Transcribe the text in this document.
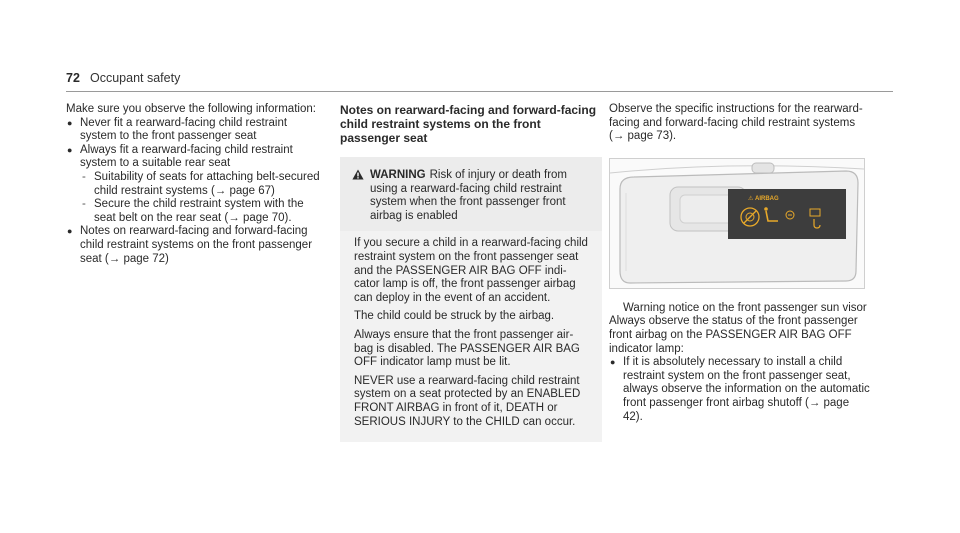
72 Occupant safety

Make sure you observe the following information:

● Never fit a rearward-facing child restraint system to the front passenger seat
● Always fit a rearward-facing child restraint system to a suitable rear seat
- Suitability of seats for attaching belt-secured child restraint systems (→ page 67)
- Secure the child restraint system with the seat belt on the rear seat (→ page 70).
● Notes on rearward-facing and forward-facing child restraint systems on the front passenger seat (→ page 72)

Notes on rearward-facing and forward-facing child restraint systems on the front passenger seat

WARNING Risk of injury or death from using a rearward-facing child restraint system when the front passenger front airbag is enabled

If you secure a child in a rearward-facing child restraint system on the front passenger seat and the PASSENGER AIR BAG OFF indicator lamp is off, the front passenger airbag can deploy in the event of an accident.

The child could be struck by the airbag.

Always ensure that the front passenger airbag is disabled. The PASSENGER AIR BAG OFF indicator lamp must be lit.

NEVER use a rearward-facing child restraint system on a seat protected by an ENABLED FRONT AIRBAG in front of it, DEATH or SERIOUS INJURY to the CHILD can occur.

Observe the specific instructions for the rearward-facing and forward-facing child restraint systems (→ page 73).

⚠ AIRBAG

Warning notice on the front passenger sun visor

Always observe the status of the front passenger front airbag on the PASSENGER AIR BAG OFF indicator lamp:

● If it is absolutely necessary to install a child restraint system on the front passenger seat, always observe the information on the automatic front passenger front airbag shutoff (→ page 42).
